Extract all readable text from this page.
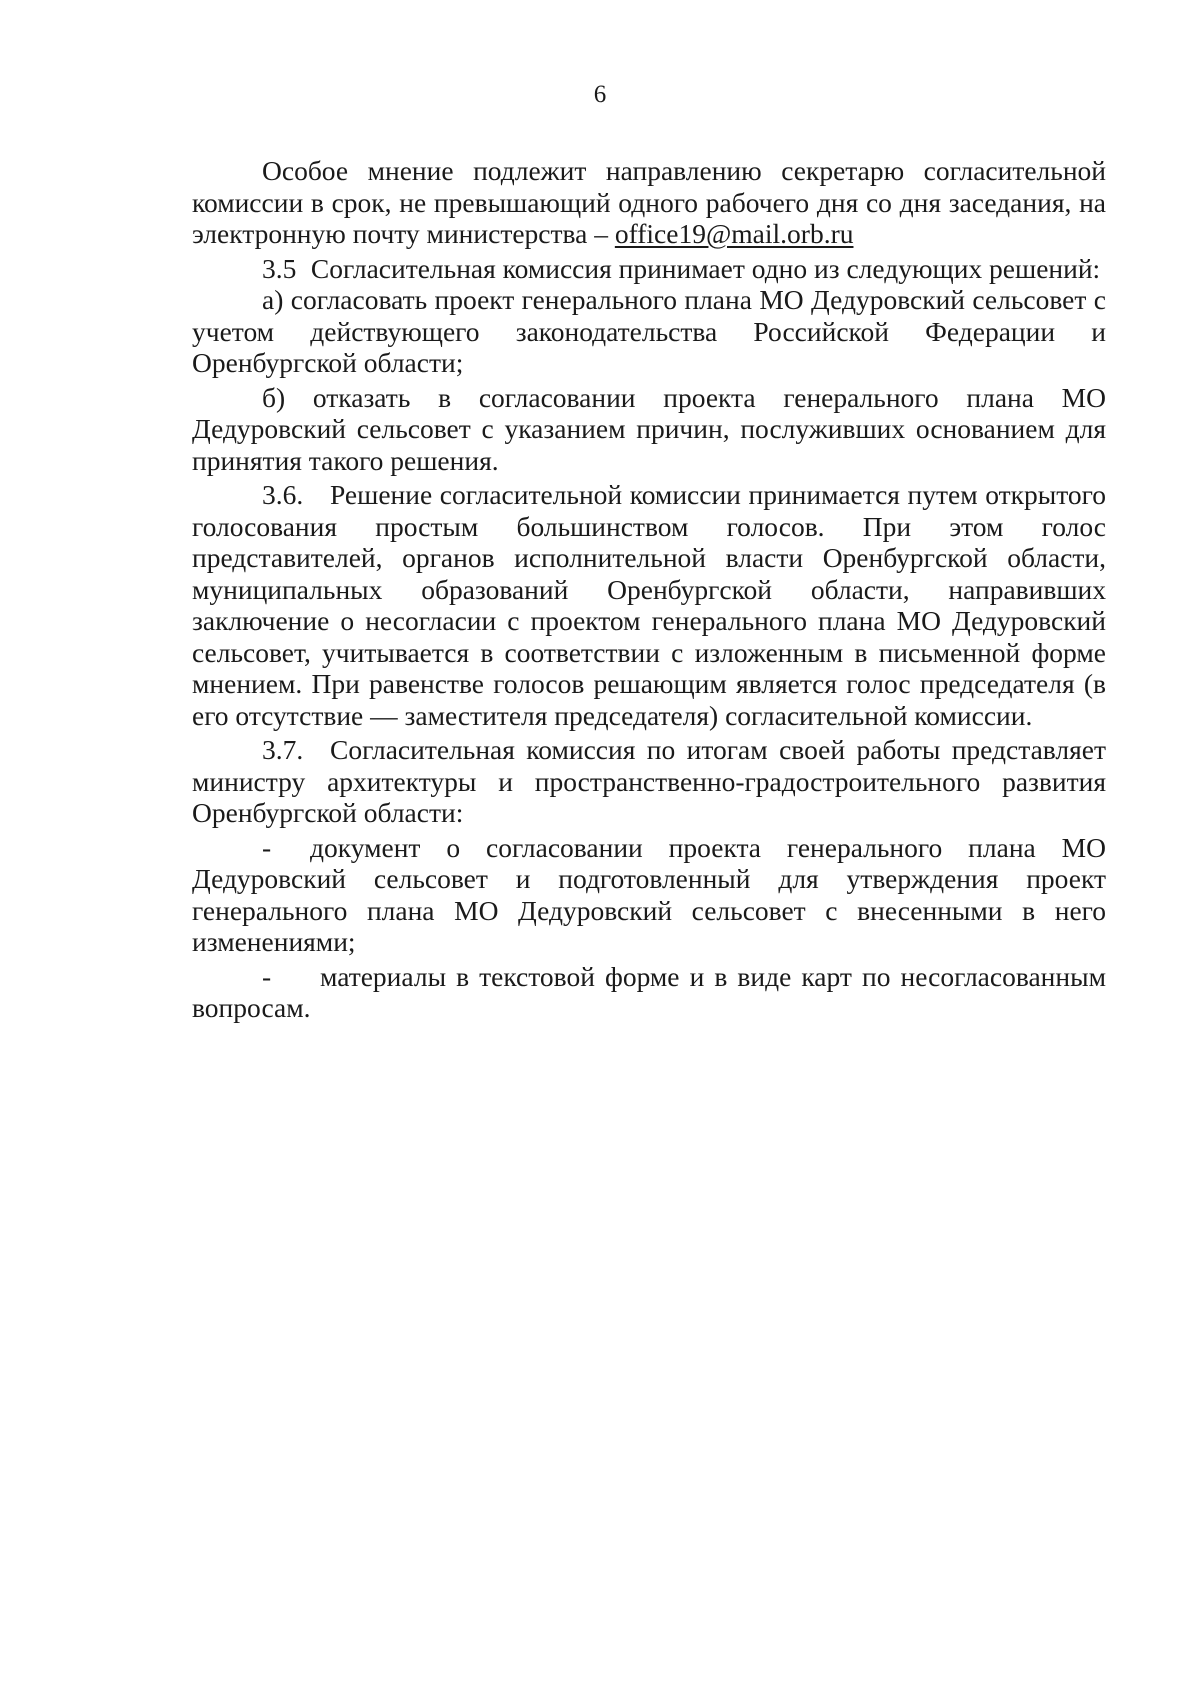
6

Особое мнение подлежит направлению секретарю согласительной комиссии в срок, не превышающий одного рабочего дня со дня заседания, на электронную почту министерства – office19@mail.orb.ru

3.5 Согласительная комиссия принимает одно из следующих решений:

а) согласовать проект генерального плана МО Дедуровский сельсовет с учетом действующего законодательства Российской Федерации и Оренбургской области;

б) отказать в согласовании проекта генерального плана МО Дедуровский сельсовет с указанием причин, послуживших основанием для принятия такого решения.

3.6. Решение согласительной комиссии принимается путем открытого голосования простым большинством голосов. При этом голос представителей, органов исполнительной власти Оренбургской области, муниципальных образований Оренбургской области, направивших заключение о несогласии с проектом генерального плана МО Дедуровский сельсовет, учитывается в соответствии с изложенным в письменной форме мнением. При равенстве голосов решающим является голос председателя (в его отсутствие — заместителя председателя) согласительной комиссии.

3.7. Согласительная комиссия по итогам своей работы представляет министру архитектуры и пространственно-градостроительного развития Оренбургской области:

- документ о согласовании проекта генерального плана МО Дедуровский сельсовет и подготовленный для утверждения проект генерального плана МО Дедуровский сельсовет с внесенными в него изменениями;

- материалы в текстовой форме и в виде карт по несогласованным вопросам.
